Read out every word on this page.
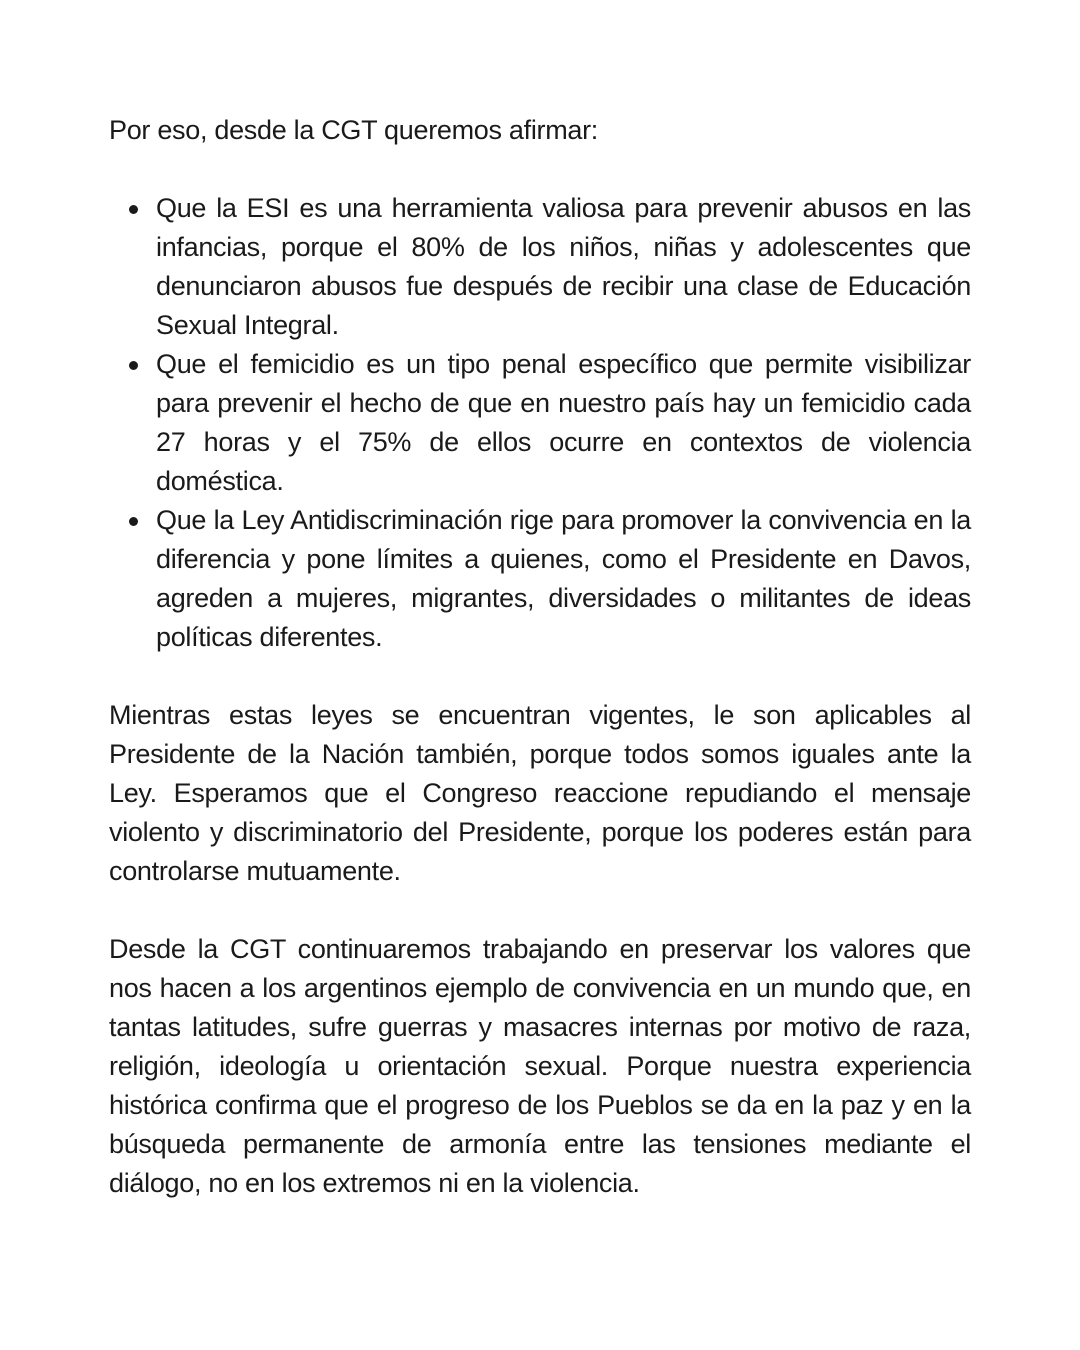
Por eso, desde la CGT queremos afirmar:

Que la ESI es una herramienta valiosa para prevenir abusos en las infancias, porque el 80% de los niños, niñas y adolescentes que denunciaron abusos fue después de recibir una clase de Educación Sexual Integral.
Que el femicidio es un tipo penal específico que permite visibilizar para prevenir el hecho de que en nuestro país hay un femicidio cada 27 horas y el 75% de ellos ocurre en contextos de violencia doméstica.
Que la Ley Antidiscriminación rige para promover la convivencia en la diferencia y pone límites a quienes, como el Presidente en Davos, agreden a mujeres, migrantes, diversidades o militantes de ideas políticas diferentes.

Mientras estas leyes se encuentran vigentes, le son aplicables al Presidente de la Nación también, porque todos somos iguales ante la Ley. Esperamos que el Congreso reaccione repudiando el mensaje violento y discriminatorio del Presidente, porque los poderes están para controlarse mutuamente.

Desde la CGT continuaremos trabajando en preservar los valores que nos hacen a los argentinos ejemplo de convivencia en un mundo que, en tantas latitudes, sufre guerras y masacres internas por motivo de raza, religión, ideología u orientación sexual. Porque nuestra experiencia histórica confirma que el progreso de los Pueblos se da en la paz y en la búsqueda permanente de armonía entre las tensiones mediante el diálogo, no en los extremos ni en la violencia.
